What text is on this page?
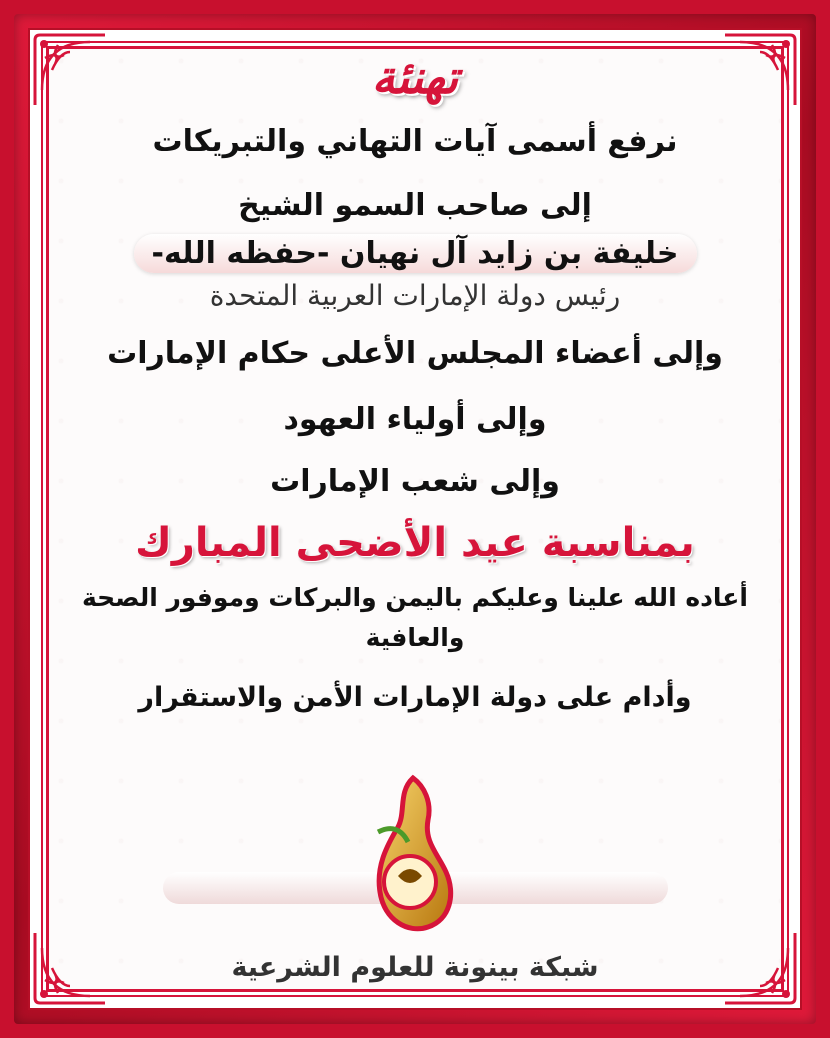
تهنئة
نرفع أسمى آيات التهاني والتبريكات
إلى صاحب السمو الشيخ
خليفة بن زايد آل نهيان -حفظه الله-
رئيس دولة الإمارات العربية المتحدة
وإلى أعضاء المجلس الأعلى حكام الإمارات
وإلى أولياء العهود
وإلى شعب الإمارات
بمناسبة عيد الأضحى المبارك
أعاده الله علينا وعليكم باليمن والبركات وموفور الصحة والعافية
وأدام على دولة الإمارات الأمن والاستقرار
شبكة بينونة للعلوم الشرعية
